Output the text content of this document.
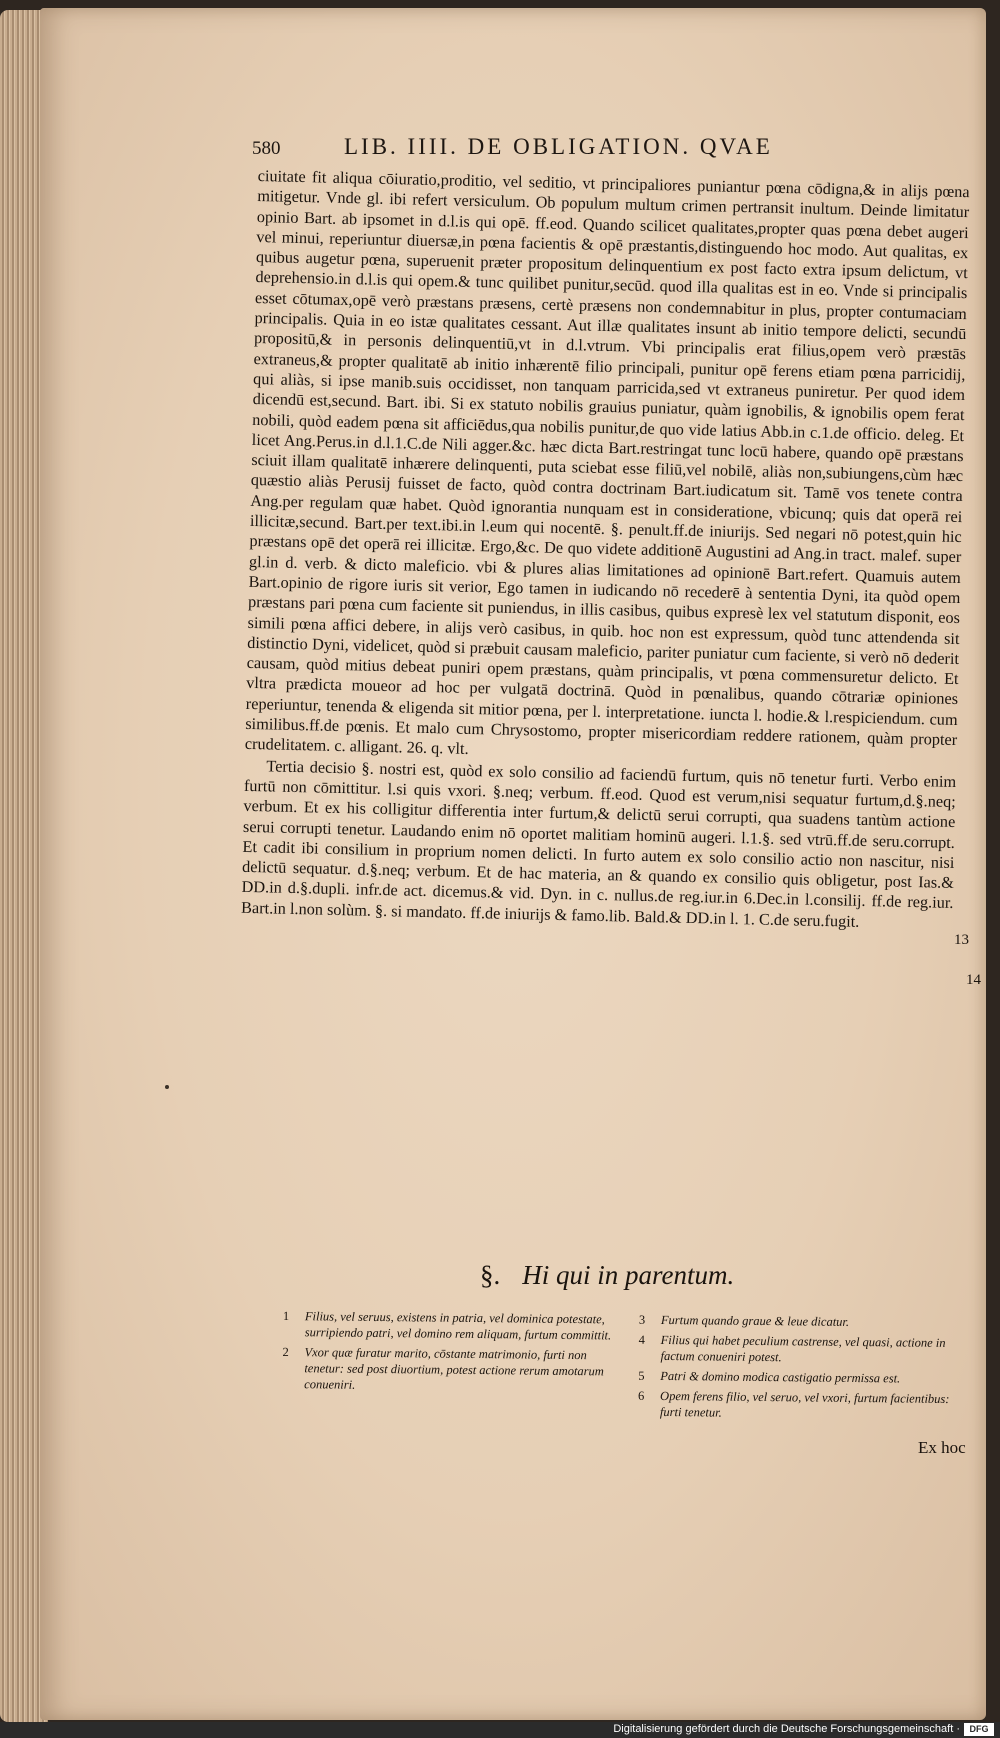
580	LIB. IIII. DE OBLIGATION. QVAE

ciuitate fit aliqua cōiuratio,proditio, vel seditio, vt principaliores puniantur pœna cōdigna,& in alijs pœna mitigetur. Vnde gl. ibi refert versiculum. Ob populum multum crimen pertransit inultum. Deinde limitatur opinio Bart. ab ipsomet in d.l.is qui opē. ff.eod. Quando scilicet qualitates,propter quas pœna debet augeri vel minui, reperiuntur diuersæ,in pœna facientis & opē præstantis,distinguendo hoc modo. Aut qualitas, ex quibus augetur pœna, superuenit præter propositum delinquentium ex post facto extra ipsum delictum, vt deprehensio.in d.l.is qui opem.& tunc quilibet punitur,secūd. quod illa qualitas est in eo. Vnde si principalis esset cōtumax,opē verò præstans præsens, certè præsens non condemnabitur in plus, propter contumaciam principalis. Quia in eo istæ qualitates cessant. Aut illæ qualitates insunt ab initio tempore delicti, secundū propositū,& in personis delinquentiū,vt in d.l.vtrum. Vbi principalis erat filius,opem verò præstās extraneus,& propter qualitatē ab initio inhærentē filio principali, punitur opē ferens etiam pœna parricidij, qui aliàs, si ipse manib.suis occidisset, non tanquam parricida,sed vt extraneus puniretur. Per quod idem dicendū est,secund. Bart. ibi. Si ex statuto nobilis grauius puniatur, quàm ignobilis, & ignobilis opem ferat nobili, quòd eadem pœna sit afficiēdus,qua nobilis punitur,de quo vide latius Abb.in c.1.de officio. deleg. Et licet Ang.Perus.in d.l.1.C.de Nili agger.&c. hæc dicta Bart.restringat tunc locū habere, quando opē præstans sciuit illam qualitatē inhærere delinquenti, puta sciebat esse filiū,vel nobilē, aliàs non,subiungens,cùm hæc quæstio aliàs Perusij fuisset de facto, quòd contra doctrinam Bart.iudicatum sit. Tamē vos tenete contra Ang.per regulam quæ habet. Quòd ignorantia nunquam est in consideratione, vbicunq; quis dat operā rei illicitæ,secund. Bart.per text.ibi.in l.eum qui nocentē. §. penult.ff.de iniurijs. Sed negari nō potest,quin hic præstans opē det operā rei illicitæ. Ergo,&c. De quo videte additionē Augustini ad Ang.in tract. malef. super gl.in d. verb. & dicto maleficio. vbi & plures alias limitationes ad opinionē Bart.refert. Quamuis autem Bart.opinio de rigore iuris sit verior, Ego tamen in iudicando nō recederē à sententia Dyni, ita quòd opem præstans pari pœna cum faciente sit puniendus, in illis casibus, quibus expresè lex vel statutum disponit, eos simili pœna affici debere, in alijs verò casibus, in quib. hoc non est expressum, quòd tunc attendenda sit distinctio Dyni, videlicet, quòd si præbuit causam maleficio, pariter puniatur cum faciente, si verò nō dederit causam, quòd mitius debeat puniri opem præstans, quàm principalis, vt pœna commensuretur delicto. Et vltra prædicta moueor ad hoc per vulgatā doctrinā. Quòd in pœnalibus, quando cōtrariæ opiniones reperiuntur, tenenda & eligenda sit mitior pœna, per l. interpretatione. iuncta l. hodie.& l.respiciendum. cum similibus.ff.de pœnis. Et malo cum Chrysostomo, propter misericordiam reddere rationem, quàm propter crudelitatem. c. alligant. 26. q. vlt.

Tertia decisio §. nostri est, quòd ex solo consilio ad faciendū furtum, quis nō tenetur furti. Verbo enim furtū non cōmittitur. l.si quis vxori. §.neq; verbum. ff.eod. Quod est verum,nisi sequatur furtum,d.§.neq; verbum. Et ex his colligitur differentia inter furtum,& delictū serui corrupti, qua suadens tantùm actione serui corrupti tenetur. Laudando enim nō oportet malitiam hominū augeri. l.1.§. sed vtrū.ff.de seru.corrupt. Et cadit ibi consilium in proprium nomen delicti. In furto autem ex solo consilio actio non nascitur, nisi delictū sequatur. d.§.neq; verbum. Et de hac materia, an & quando ex consilio quis obligetur, post Ias.& DD.in d.§.dupli. infr.de act. dicemus.& vid. Dyn. in c. nullus.de reg.iur.in 6.Dec.in l.consilij. ff.de reg.iur. Bart.in l.non solùm. §. si mandato. ff.de iniurijs & famo.lib. Bald.& DD.in l. 1. C.de seru.fugit.

13
14
§. Hi qui in parentum.
1 Filius, vel seruus, existens in patria, vel dominica potestate, surripiendo patri, vel domino rem aliquam, furtum committit.
2 Vxor quæ furatur marito, cōstante matrimonio, furti non tenetur: sed post diuortium, potest actione rerum amotarum conueniri.
3 Furtum quando graue & leue dicatur.
4 Filius qui habet peculium castrense, vel quasi, actione in factum conueniri potest.
5 Patri & domino modica castigatio permissa est.
6 Opem ferens filio, vel seruo, vel vxori, furtum facientibus: furti tenetur.
Ex hoc
Digitalisierung gefördert durch die Deutsche Forschungsgemeinschaft ·	DFG
